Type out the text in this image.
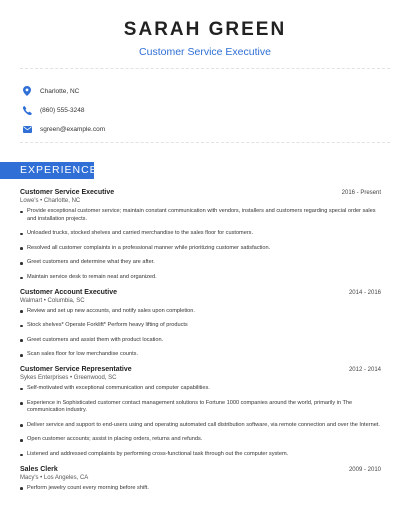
SARAH GREEN
Customer Service Executive
Charlotte, NC
(860) 555-3248
sgreen@example.com
EXPERIENCE
Customer Service Executive	2016 - Present
Lowe's • Charlotte, NC
Provide exceptional customer service; maintain constant communication with vendors, installers and customers regarding special order sales and installation projects.
Unloaded trucks, stocked shelves and carried merchandise to the sales floor for customers.
Resolved all customer complaints in a professional manner while prioritizing customer satisfaction.
Greet customers and determine what they are after.
Maintain service desk to remain neat and organized.
Customer Account Executive	2014 - 2016
Walmart • Columbia, SC
Review and set up new accounts, and notify sales upon completion.
Stock shelves* Operate Forklift* Perform heavy lifting of products
Greet customers and assist them with product location.
Scan sales floor for low merchandise counts.
Customer Service Representative	2012 - 2014
Sykes Enterprises • Greenwood, SC
Self-motivated with exceptional communication and computer capabilities.
Experience in Sophisticated customer contact management solutions to Fortune 1000 companies around the world, primarily in The communication industry.
Deliver service and support to end-users using and operating automated call distribution software, via remote connection and over the Internet.
Open customer accounts; assist in placing orders, returns and refunds.
Listened and addressed complaints by performing cross-functional task through out the computer system.
Sales Clerk	2009 - 2010
Macy's • Los Angeles, CA
Perform jewelry count every morning before shift.
